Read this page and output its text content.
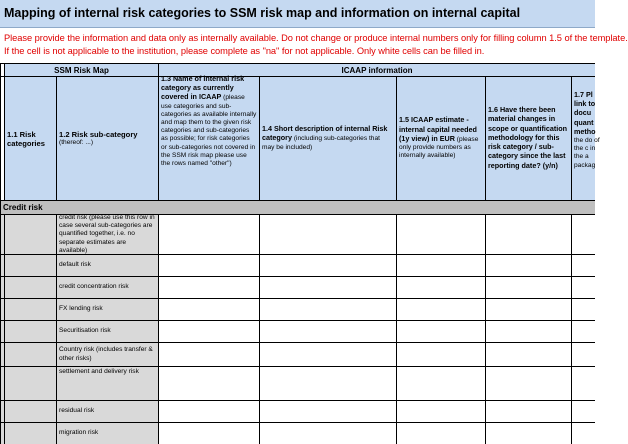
Mapping of internal risk categories to SSM risk map and information on internal capital
Please provide the information and data only as internally available. Do not change or produce internal numbers only for filling column 1.5 of the template.
If the cell is not applicable to the institution, please complete as "na" for not applicable. Only white cells can be filled in.
SSM Risk Map	ICAAP information
1.1 Risk categories
1.2 Risk sub-category
(thereof: ...)
1.3 Name of internal risk category as currently covered in ICAAP (please use categories and sub-categories as available internally and map them to the given risk categories and sub-categories as possible; for risk categories or sub-categories not covered in the SSM risk map please use the rows named "other")
1.4 Short description of internal Risk category (including sub-categories that may be included)
1.5 ICAAP estimate - internal capital needed (1y view) in EUR (please only provide numbers as internally available)
1.6 Have there been material changes in scope or quantification methodology for this risk category / sub-category since the last reporting date? (y/n)
1.7 Pl link to docu quant metho the do of the c in the a packag
Credit risk
credit risk (please use this row in case several sub-categories are quantified together, i.e. no separate estimates are available)
default risk
credit concentration risk
FX lending risk
Securitisation risk
Country risk (includes transfer & other risks)
settlement and delivery risk
residual risk
migration risk
